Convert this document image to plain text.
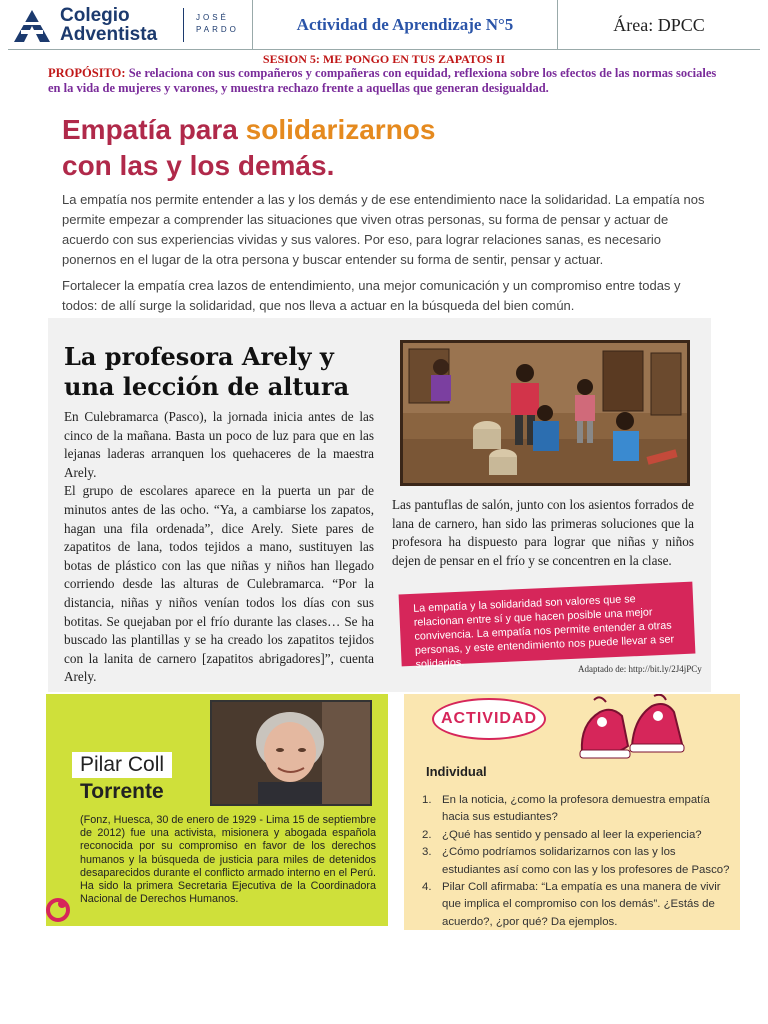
Colegio
Adventista
JOSÉ
PARDO	Actividad de Aprendizaje N°5	Área: DPCC
SESION 5: ME PONGO EN TUS ZAPATOS II
PROPÓSITO: Se relaciona con sus compañeros y compañeras con equidad, reflexiona sobre los efectos de las normas sociales en la vida de mujeres y varones, y muestra rechazo frente a aquellas que generan desigualdad.
Empatía para solidarizarnos
con las y los demás.
La empatía nos permite entender a las y los demás y de ese entendimiento nace la solidaridad. La empatía nos permite empezar a comprender las situaciones que viven otras personas, su forma de pensar y actuar de acuerdo con sus experiencias vividas y sus valores. Por eso, para lograr relaciones sanas, es necesario ponernos en el lugar de la otra persona y buscar entender su forma de sentir, pensar y actuar.
Fortalecer la empatía crea lazos de entendimiento, una mejor comunicación y un compromiso entre todas y todos: de allí surge la solidaridad, que nos lleva a actuar en la búsqueda del bien común.
La profesora Arely y
una lección de altura

En Culebramarca (Pasco), la jornada inicia antes de las cinco de la mañana. Basta un poco de luz para que en las lejanas laderas arranquen los quehaceres de la maestra Arely.

El grupo de escolares aparece en la puerta un par de minutos antes de las ocho. “Ya, a cambiarse los zapatos, hagan una fila ordenada”, dice Arely. Siete pares de zapatitos de lana, todos tejidos a mano, sustituyen las botas de plástico con las que niñas y niños han llegado corriendo desde las alturas de Culebramarca. “Por la distancia, niñas y niños venían todos los días con sus botitas. Se quejaban por el frío durante las clases… Se ha buscado las plantillas y se ha creado los zapatitos tejidos con la lanita de carnero [zapatitos abrigadores]”, cuenta Arely.

Las pantuflas de salón, junto con los asientos forrados de lana de carnero, han sido las primeras soluciones que la profesora ha dispuesto para lograr que niñas y niños dejen de pensar en el frío y se concentren en la clase.
La empatía y la solidaridad son valores que se relacionan entre sí y que hacen posible una mejor convivencia. La empatía nos permite entender a otras personas, y este entendimiento nos puede llevar a ser solidarios.	Adaptado de: http://bit.ly/2J4jPCy
Pilar Coll
Torrente
(Fonz, Huesca, 30 de enero de 1929 - Lima 15 de septiembre de 2012) fue una activista, misionera y abogada española reconocida por su compromiso en favor de los derechos humanos y la búsqueda de justicia para miles de detenidos desaparecidos durante el conflicto armado interno en el Perú. Ha sido la primera Secretaria Ejecutiva de la Coordinadora Nacional de Derechos Humanos.
ACTIVIDAD
Individual
1. En la noticia, ¿como la profesora demuestra empatía hacia sus estudiantes?
2. ¿Qué has sentido y pensado al leer la experiencia?
3. ¿Cómo podríamos solidarizarnos con las y los estudiantes así como con las y los profesores de Pasco?
4. Pilar Coll afirmaba: “La empatía es una manera de vivir que implica el compromiso con los demás”. ¿Estás de acuerdo?, ¿por qué? Da ejemplos.
